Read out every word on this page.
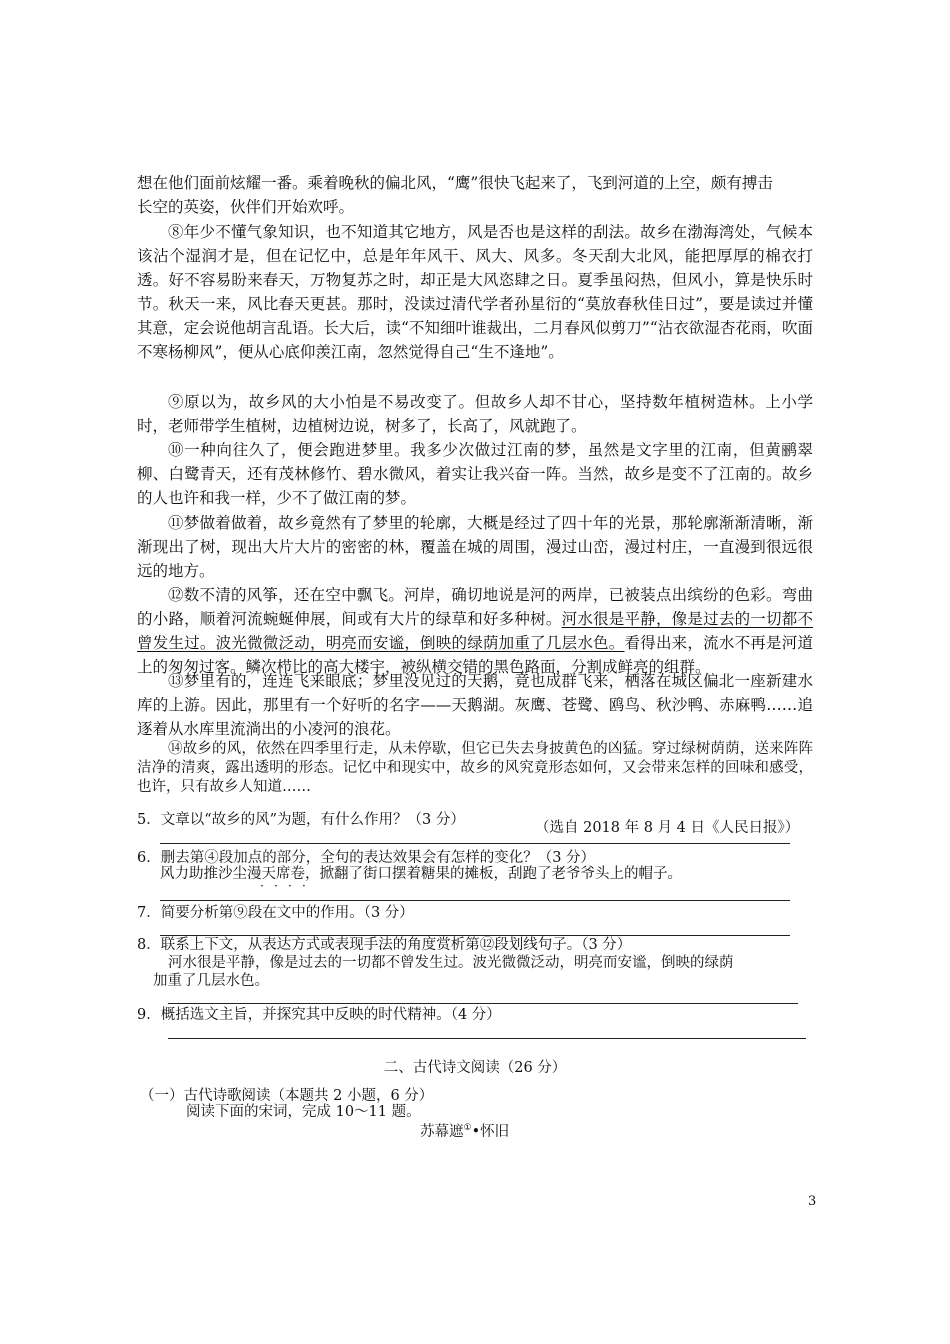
想在他们面前炫耀一番。乘着晚秋的偏北风，“鹰”很快飞起来了，飞到河道的上空，颇有搏击
长空的英姿，伙伴们开始欢呼。
⑧年少不懂气象知识，也不知道其它地方，风是否也是这样的刮法。故乡在渤海湾处，气候本该沾个湿润才是，但在记忆中，总是年年风干、风大、风多。冬天刮大北风，能把厚厚的棉衣打透。好不容易盼来春天，万物复苏之时，却正是大风恣肆之日。夏季虽闷热，但风小，算是快乐时节。秋天一来，风比春天更甚。那时，没读过清代学者孙星衍的“莫放春秋佳日过”，要是读过并懂其意，定会说他胡言乱语。长大后，读“不知细叶谁裁出，二月春风似剪刀”“沾衣欲湿杏花雨，吹面不寒杨柳风”，便从心底仰羡江南，忽然觉得自己“生不逢地”。
⑨原以为，故乡风的大小怕是不易改变了。但故乡人却不甘心，坚持数年植树造林。上小学时，老师带学生植树，边植树边说，树多了，长高了，风就跑了。
⑩一种向往久了，便会跑进梦里。我多少次做过江南的梦，虽然是文字里的江南，但黄鹂翠柳、白鹭青天，还有茂林修竹、碧水微风，着实让我兴奋一阵。当然，故乡是变不了江南的。故乡的人也许和我一样，少不了做江南的梦。
⑪梦做着做着，故乡竟然有了梦里的轮廓，大概是经过了四十年的光景，那轮廓渐渐清晰，渐渐现出了树，现出大片大片的密密的林，覆盖在城的周围，漫过山峦，漫过村庄，一直漫到很远很远的地方。
⑫数不清的风筝，还在空中飘飞。河岸，确切地说是河的两岸，已被装点出缤纷的色彩。弯曲的小路，顺着河流蜿蜒伸展，间或有大片的绿草和好多种树。河水很是平静，像是过去的一切都不曾发生过。波光微微泛动，明亮而安谧，倒映的绿荫加重了几层水色。看得出来，流水不再是河道上的匆匆过客。鳞次栉比的高大楼宇，被纵横交错的黑色路面，分割成鲜亮的组群。
⑬梦里有的，连连飞来眼底；梦里没见过的天鹅，竟也成群飞来，栖落在城区偏北一座新建水库的上游。因此，那里有一个好听的名字——天鹅湖。灰鹰、苍鹭、鸥鸟、秋沙鸭、赤麻鸭……追逐着从水库里流淌出的小凌河的浪花。
⑭故乡的风，依然在四季里行走，从未停歇，但它已失去身披黄色的凶猛。穿过绿树荫荫，送来阵阵洁净的清爽，露出透明的形态。记忆中和现实中，故乡的风究竟形态如何，又会带来怎样的回味和感受，也许，只有故乡人知道……
（选自 2018 年 8 月 4 日《人民日报》）
5．文章以“故乡的风”为题，有什么作用？（3 分）
6．删去第④段加点的部分，全句的表达效果会有怎样的变化？（3 分）
风力助推沙尘漫天席卷，掀翻了街口摆着糖果的摊板，刮跑了老爷爷头上的帽子。
· · · ·
7．简要分析第⑨段在文中的作用。（3 分）
8．联系上下文，从表达方式或表现手法的角度赏析第⑫段划线句子。（3 分）
河水很是平静，像是过去的一切都不曾发生过。波光微微泛动，明亮而安谧，倒映的绿荫
加重了几层水色。
9．概括选文主旨，并探究其中反映的时代精神。（4 分）
二、古代诗文阅读（26 分）
（一）古代诗歌阅读（本题共 2 小题，6 分）
阅读下面的宋词，完成 10～11 题。
苏幕遮①•怀旧
3
